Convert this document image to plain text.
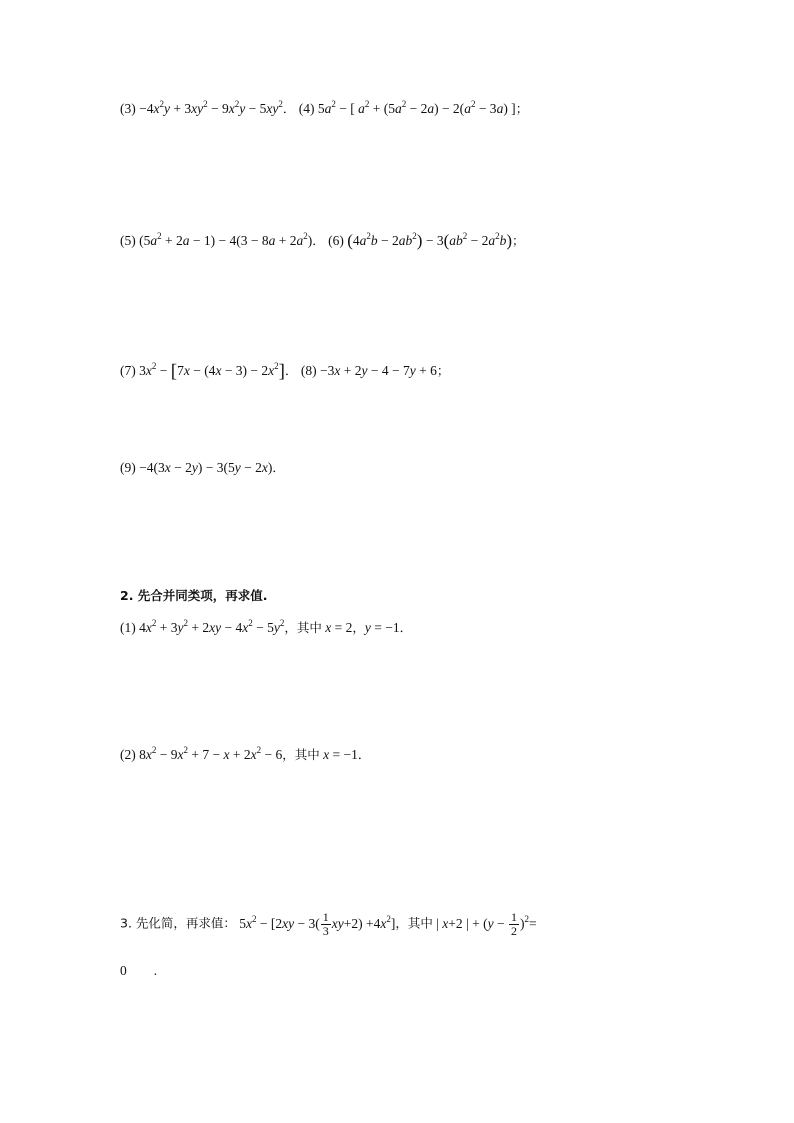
$(3) -4x^2y + 3xy^2 - 9x^2y - 5xy^2$． (4) $5a^2$ − [ $a^2 + (5a^2 - 2a) - 2(a^2 - 3a)$ ]；
(5) $(5a^2 + 2a - 1) - 4(3 - 8a + 2a^2)$． (6) $(4a^2b - 2ab^2) - 3(ab^2 - 2a^2b)$；
(7) $3x^2 - [7x - (4x - 3) - 2x^2]$． (8) −3x + 2y − 4 − 7y + 6；
(9) −4(3x − 2y) − 3(5y − 2x)．
2. 先合并同类项，再求值.
(1) $4x^2 + 3y^2 + 2xy - 4x^2 - 5y^2$，其中 x = 2，y = −1．
(2) $8x^2 - 9x^2 + 7 - x + 2x^2 - 6$，其中 x = −1．
3. 先化简，再求值： $5x^2 - [2xy - 3( \frac{1}{3} xy+2) +4x^2]$，其中 | x+2 | + $(y - \frac{1}{2} )^2=$
0　　.
